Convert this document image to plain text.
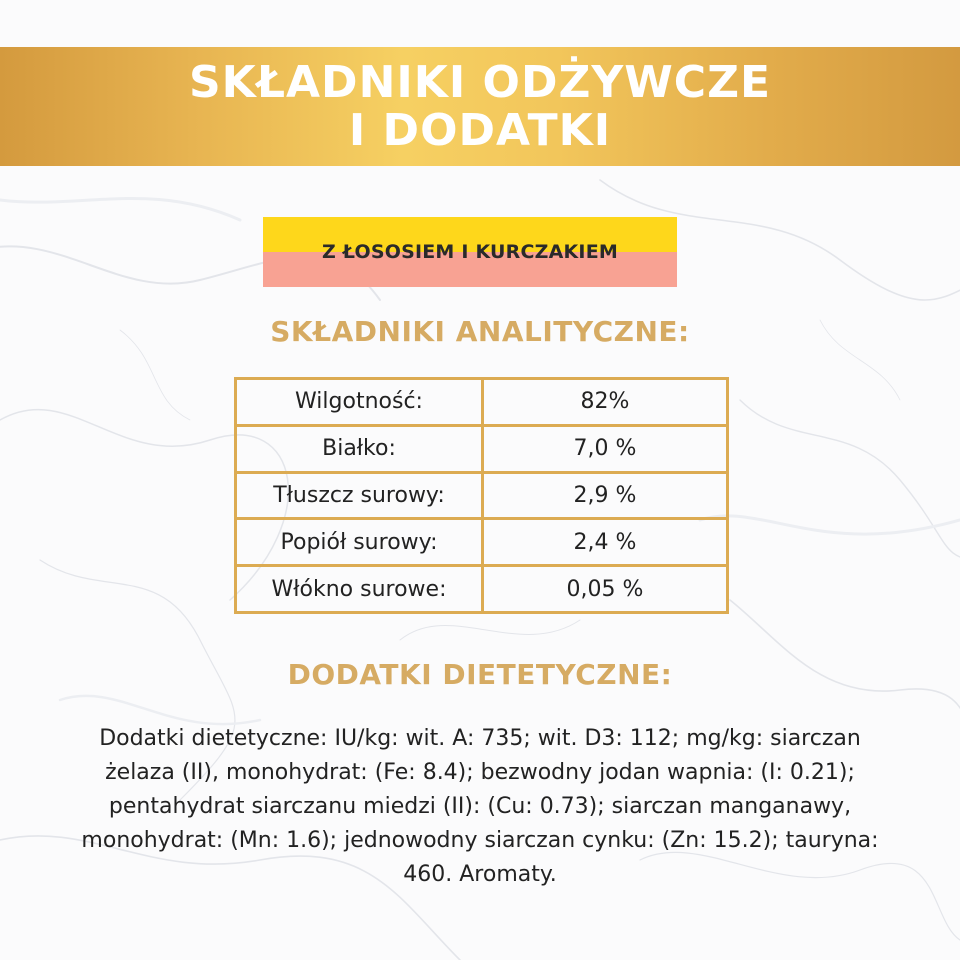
SKŁADNIKI ODŻYWCZE
I DODATKI
Z ŁOSOSIEM I KURCZAKIEM
SKŁADNIKI ANALITYCZNE:
Wilgotność:	82%
Białko:	7,0 %
Tłuszcz surowy:	2,9 %
Popiół surowy:	2,4 %
Włókno surowe:	0,05 %
DODATKI DIETETYCZNE:
Dodatki dietetyczne: IU/kg: wit. A: 735; wit. D3: 112; mg/kg: siarczan żelaza (II), monohydrat: (Fe: 8.4); bezwodny jodan wapnia: (I: 0.21); pentahydrat siarczanu miedzi (II): (Cu: 0.73); siarczan manganawy, monohydrat: (Mn: 1.6); jednowodny siarczan cynku: (Zn: 15.2); tauryna: 460. Aromaty.
